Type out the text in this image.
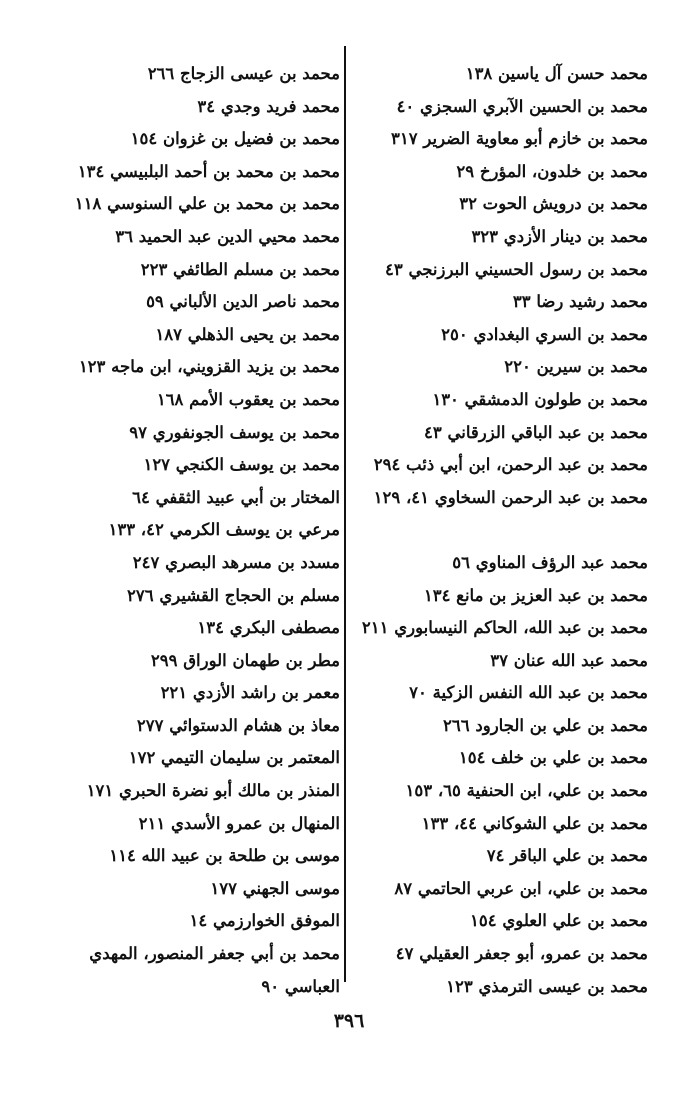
محمد حسن آل ياسين ١٣٨
محمد بن الحسين الآبري السجزي ٤٠
محمد بن خازم أبو معاوية الضرير ٣١٧
محمد بن خلدون، المؤرخ ٢٩
محمد بن درويش الحوت ٣٢
محمد بن دينار الأزدي ٣٢٣
محمد بن رسول الحسيني البرزنجي ٤٣
محمد رشيد رضا ٣٣
محمد بن السري البغدادي ٢٥٠
محمد بن سيرين ٢٢٠
محمد بن طولون الدمشقي ١٣٠
محمد بن عبد الباقي الزرقاني ٤٣
محمد بن عبد الرحمن، ابن أبي ذئب ٢٩٤
محمد بن عبد الرحمن السخاوي ٤١، ١٢٩
محمد عبد الرؤف المناوي ٥٦
محمد بن عبد العزيز بن مانع ١٣٤
محمد بن عبد الله، الحاكم النيسابوري ٢١١
محمد عبد الله عنان ٣٧
محمد بن عبد الله النفس الزكية ٧٠
محمد بن علي بن الجارود ٢٦٦
محمد بن علي بن خلف ١٥٤
محمد بن علي، ابن الحنفية ٦٥، ١٥٣
محمد بن علي الشوكاني ٤٤، ١٣٣
محمد بن علي الباقر ٧٤
محمد بن علي، ابن عربي الحاتمي ٨٧
محمد بن علي العلوي ١٥٤
محمد بن عمرو، أبو جعفر العقيلي ٤٧
محمد بن عيسى الترمذي ١٢٣
محمد بن عيسى الزجاج ٢٦٦
محمد فريد وجدي ٣٤
محمد بن فضيل بن غزوان ١٥٤
محمد بن محمد بن أحمد البلبيسي ١٣٤
محمد بن محمد بن علي السنوسي ١١٨
محمد محيي الدين عبد الحميد ٣٦
محمد بن مسلم الطائفي ٢٢٣
محمد ناصر الدين الألباني ٥٩
محمد بن يحيى الذهلي ١٨٧
محمد بن يزيد القزويني، ابن ماجه ١٢٣
محمد بن يعقوب الأمم ١٦٨
محمد بن يوسف الجونفوري ٩٧
محمد بن يوسف الكنجي ١٢٧
المختار بن أبي عبيد الثقفي ٦٤
مرعي بن يوسف الكرمي ٤٢، ١٣٣
مسدد بن مسرهد البصري ٢٤٧
مسلم بن الحجاج القشيري ٢٧٦
مصطفى البكري ١٣٤
مطر بن طهمان الوراق ٢٩٩
معمر بن راشد الأزدي ٢٢١
معاذ بن هشام الدستوائي ٢٧٧
المعتمر بن سليمان التيمي ١٧٢
المنذر بن مالك أبو نضرة الحبري ١٧١
المنهال بن عمرو الأسدي ٢١١
موسى بن طلحة بن عبيد الله ١١٤
موسى الجهني ١٧٧
الموفق الخوارزمي ١٤
محمد بن أبي جعفر المنصور، المهدي العباسي ٩٠
٣٩٦
